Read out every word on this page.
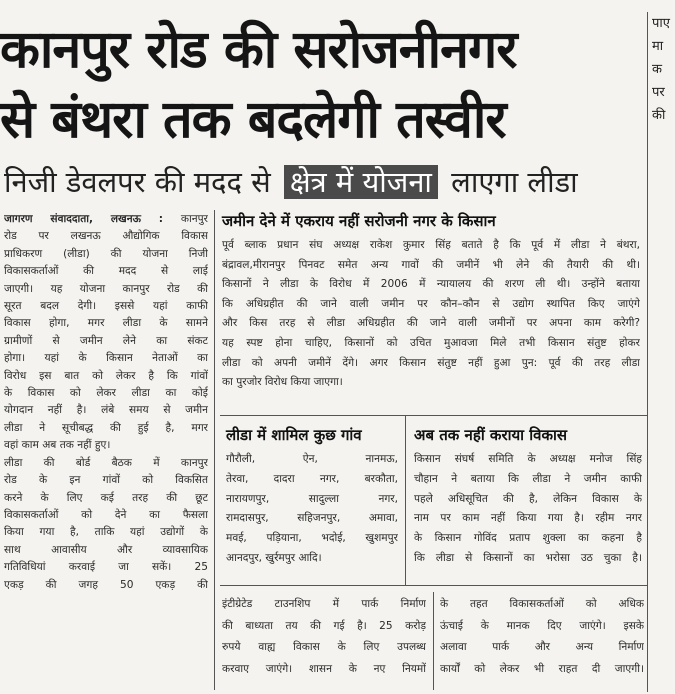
कानपुर रोड की सरोजनीनगर
से बंथरा तक बदलेगी तस्वीर
निजी डेवलपर की मदद से क्षेत्र में योजना लाएगा लीडा
पाए
मा
क
पर
की
जागरण संवाददाता, लखनऊ : कानपुर
रोड पर लखनऊ औद्योगिक विकास
प्राधिकरण (लीडा) की योजना निजी
विकासकर्ताओं की मदद से लाई
जाएगी। यह योजना कानपुर रोड की
सूरत बदल देगी। इससे यहां काफी
विकास होगा, मगर लीडा के सामने
ग्रामीणों से जमीन लेने का संकट
होगा। यहां के किसान नेताओं का
विरोध इस बात को लेकर है कि गांवों
के विकास को लेकर लीडा का कोई
योगदान नहीं है। लंबे समय से जमीन
लीडा ने सूचीबद्ध की हुई है, मगर
वहां काम अब तक नहीं हुए।
लीडा की बोर्ड बैठक में कानपुर
रोड के इन गांवों को विकसित
करने के लिए कई तरह की छूट
विकासकर्ताओं को देने का फैसला
किया गया है, ताकि यहां उद्योगों के
साथ आवासीय और व्यावसायिक
गतिविधियां करवाई जा सकें। 25
एकड़ की जगह 50 एकड़ की
जमीन देने में एकराय नहीं सरोजनी नगर के किसान
पूर्व ब्लाक प्रधान संघ अध्यक्ष राकेश कुमार सिंह बताते है कि पूर्व में लीडा ने बंथरा,
बंद्रावल,मीरानपुर पिनवट समेत अन्य गावों की जमीनें भी लेने की तैयारी की थी।
किसानों ने लीडा के विरोध में 2006 में न्यायालय की शरण ली थी। उन्होंने बताया
कि अधिग्रहीत की जाने वाली जमीन पर कौन–कौन से उद्योग स्थापित किए जाएंगे
और किस तरह से लीडा अधिग्रहीत की जाने वाली जमीनों पर अपना काम करेगी?
यह स्पष्ट होना चाहिए, किसानों को उचित मुआवजा मिले तभी किसान संतुष्ट होकर
लीडा को अपनी जमीनें देंगे। अगर किसान संतुष्ट नहीं हुआ पुन: पूर्व की तरह लीडा
का पुरजोर विरोध किया जाएगा।
लीडा में शामिल कुछ गांव
गौरौली, ऐन, नानमऊ,
तेरवा, दादरा नगर, बरकौता,
नारायणपुर, सादुल्ला नगर,
रामदासपुर, सहिजनपुर, अमावा,
मवई, पड़ियाना, भदोई, खुशमपुर
आनदपुर, खुर्रमपुर आदि।
अब तक नहीं कराया विकास
किसान संघर्ष समिति के अध्यक्ष मनोज सिंह
चौहान ने बताया कि लीडा ने जमीन काफी
पहले अधिसूचित की है, लेकिन विकास के
नाम पर काम नहीं किया गया है। रहीम नगर
के किसान गोविंद प्रताप शुक्ला का कहना है
कि लीडा से किसानों का भरोसा उठ चुका है।
इंटीग्रेटेड टाउनशिप में पार्क निर्माण
की बाध्यता तय की गई है। 25 करोड़
रुपये वाह्य विकास के लिए उपलब्ध
करवाए जाएंगे। शासन के नए नियमों
के तहत विकासकर्ताओं को अधिक
ऊंचाई के मानक दिए जाएंगे। इसके
अलावा पार्क और अन्य निर्माण
कार्यों को लेकर भी राहत दी जाएगी।
